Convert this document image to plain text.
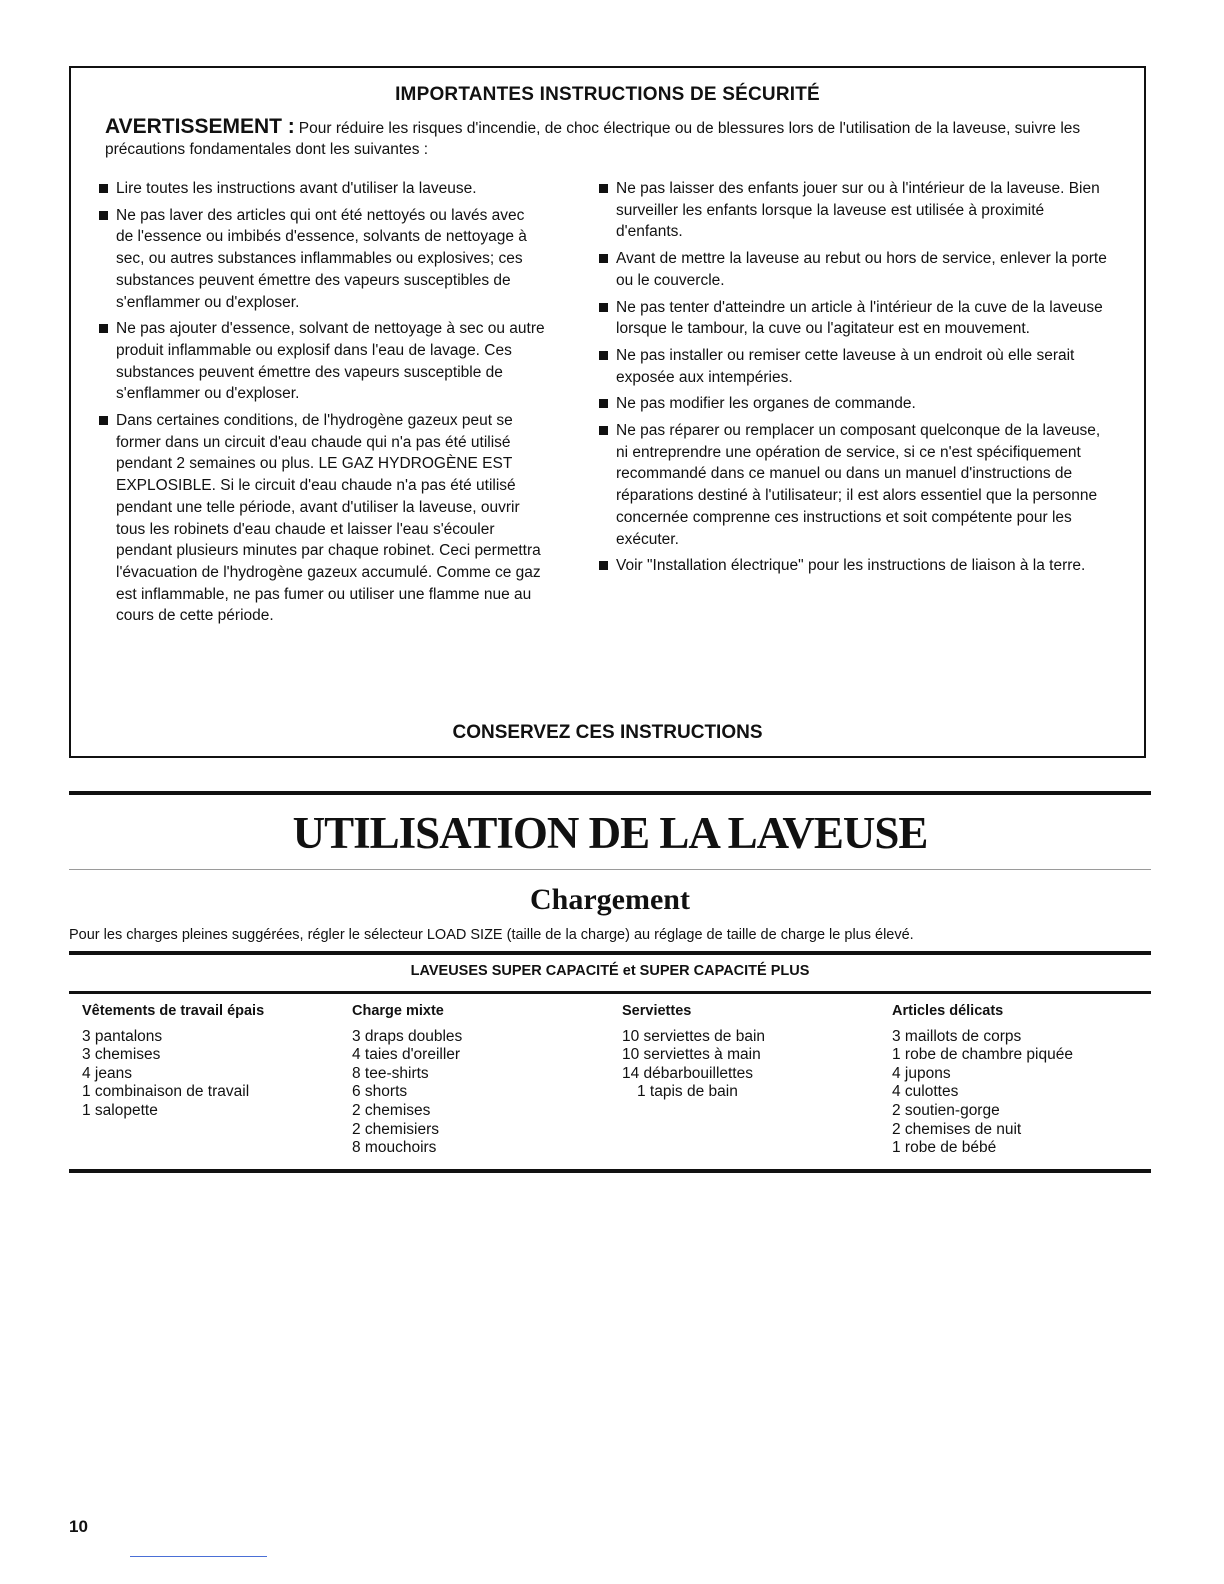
IMPORTANTES INSTRUCTIONS DE SÉCURITÉ
AVERTISSEMENT : Pour réduire les risques d'incendie, de choc électrique ou de blessures lors de l'utilisation de la laveuse, suivre les précautions fondamentales dont les suivantes :
Lire toutes les instructions avant d'utiliser la laveuse.
Ne pas laver des articles qui ont été nettoyés ou lavés avec de l'essence ou imbibés d'essence, solvants de nettoyage à sec, ou autres substances inflammables ou explosives; ces substances peuvent émettre des vapeurs susceptibles de s'enflammer ou d'exploser.
Ne pas ajouter d'essence, solvant de nettoyage à sec ou autre produit inflammable ou explosif dans l'eau de lavage. Ces substances peuvent émettre des vapeurs susceptible de s'enflammer ou d'exploser.
Dans certaines conditions, de l'hydrogène gazeux peut se former dans un circuit d'eau chaude qui n'a pas été utilisé pendant 2 semaines ou plus. LE GAZ HYDROGÈNE EST EXPLOSIBLE. Si le circuit d'eau chaude n'a pas été utilisé pendant une telle période, avant d'utiliser la laveuse, ouvrir tous les robinets d'eau chaude et laisser l'eau s'écouler pendant plusieurs minutes par chaque robinet. Ceci permettra l'évacuation de l'hydrogène gazeux accumulé. Comme ce gaz est inflammable, ne pas fumer ou utiliser une flamme nue au cours de cette période.
Ne pas laisser des enfants jouer sur ou à l'intérieur de la laveuse. Bien surveiller les enfants lorsque la laveuse est utilisée à proximité d'enfants.
Avant de mettre la laveuse au rebut ou hors de service, enlever la porte ou le couvercle.
Ne pas tenter d'atteindre un article à l'intérieur de la cuve de la laveuse lorsque le tambour, la cuve ou l'agitateur est en mouvement.
Ne pas installer ou remiser cette laveuse à un endroit où elle serait exposée aux intempéries.
Ne pas modifier les organes de commande.
Ne pas réparer ou remplacer un composant quelconque de la laveuse, ni entreprendre une opération de service, si ce n'est spécifiquement recommandé dans ce manuel ou dans un manuel d'instructions de réparations destiné à l'utilisateur; il est alors essentiel que la personne concernée comprenne ces instructions et soit compétente pour les exécuter.
Voir "Installation électrique" pour les instructions de liaison à la terre.
CONSERVEZ CES INSTRUCTIONS
UTILISATION DE LA LAVEUSE
Chargement

Pour les charges pleines suggérées, régler le sélecteur LOAD SIZE (taille de la charge) au réglage de taille de charge le plus élevé.

LAVEUSES SUPER CAPACITÉ et SUPER CAPACITÉ PLUS
Vêtements de travail épais
3 pantalons
3 chemises
4 jeans
1 combinaison de travail
1 salopette
Charge mixte
3 draps doubles
4 taies d'oreiller
8 tee-shirts
6 shorts
2 chemises
2 chemisiers
8 mouchoirs
Serviettes
10 serviettes de bain
10 serviettes à main
14 débarbouillettes
1 tapis de bain
Articles délicats
3 maillots de corps
1 robe de chambre piquée
4 jupons
4 culottes
2 soutien-gorge
2 chemises de nuit
1 robe de bébé
10
